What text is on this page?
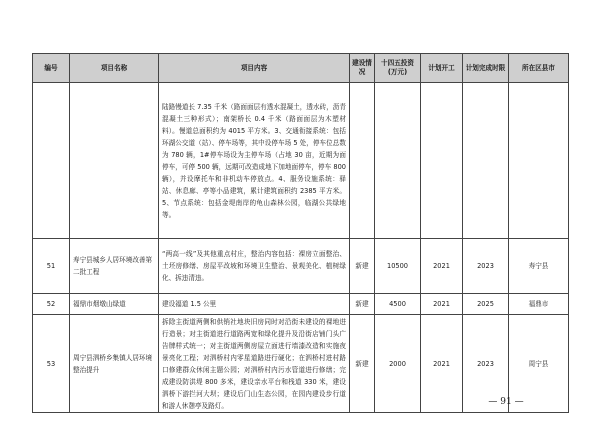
编号	项目名称	项目内容	建设情况	十四五投资(万元)	计划开工	计划完成时限	所在区县市
		陆路慢道长 7.35 千米（路面面层有透水混凝土，透水砖，沥青混凝土三种形式）；南架桥长 0.4 千米（路面面层为木塑材料）。慢道总面积约为 4015 平方米。3、交通衔接系统：包括环湖公交道（站）、停车场等，其中设停车场 5 处，停车位总数为 780 辆，1#停车场设为主停车场（占地 30 亩，近期为面停车，可停 500 辆，远期可改造成地下加地面停车，停车 800 辆），并设摩托车和非机动车停放点。4、服务设施系统：驿站、休息廊、亭等小品建筑，累计建筑面积约 2385 平方米。5、节点系统：包括金堤南岸的龟山森林公园，临湖公共绿地等。					
51	寿宁县城乡人居环境改善第二批工程	“两高一线”及其他重点村庄，整治内容包括：裸房立面整治、土坯房修缮、房屋平改坡和环境卫生整治、景观美化、植树绿化、拆违清违。	新建	10500	2021	2023	寿宁县
52	福鼎市烟墩山绿道	建设福道 1.5 公里	新建	4500	2021	2025	福鼎市
53	周宁县泗桥乡集镇人居环境整治提升	拆除主街道两侧和供销社地块旧房同时对沿街未建设的裸地进行造景；对主街道进行道路两宽和绿化提升及沿街店铺门头广告牌样式统一；对主街道两侧房屋立面进行墙漆改造和实施夜景亮化工程；对泗桥村内零星道路进行硬化；在泗桥村进村路口修建群众休闲主题公园；对泗桥村内污水管道进行修缮；完成建设防洪堤 800 多米，建设亲水平台和栈道 330 米，建设泗桥下游拦河大坝；建设后门山生态公园，在园内建设步行道和游人休憩亭及路灯。	新建	2000	2021	2023	周宁县
— 91 —
